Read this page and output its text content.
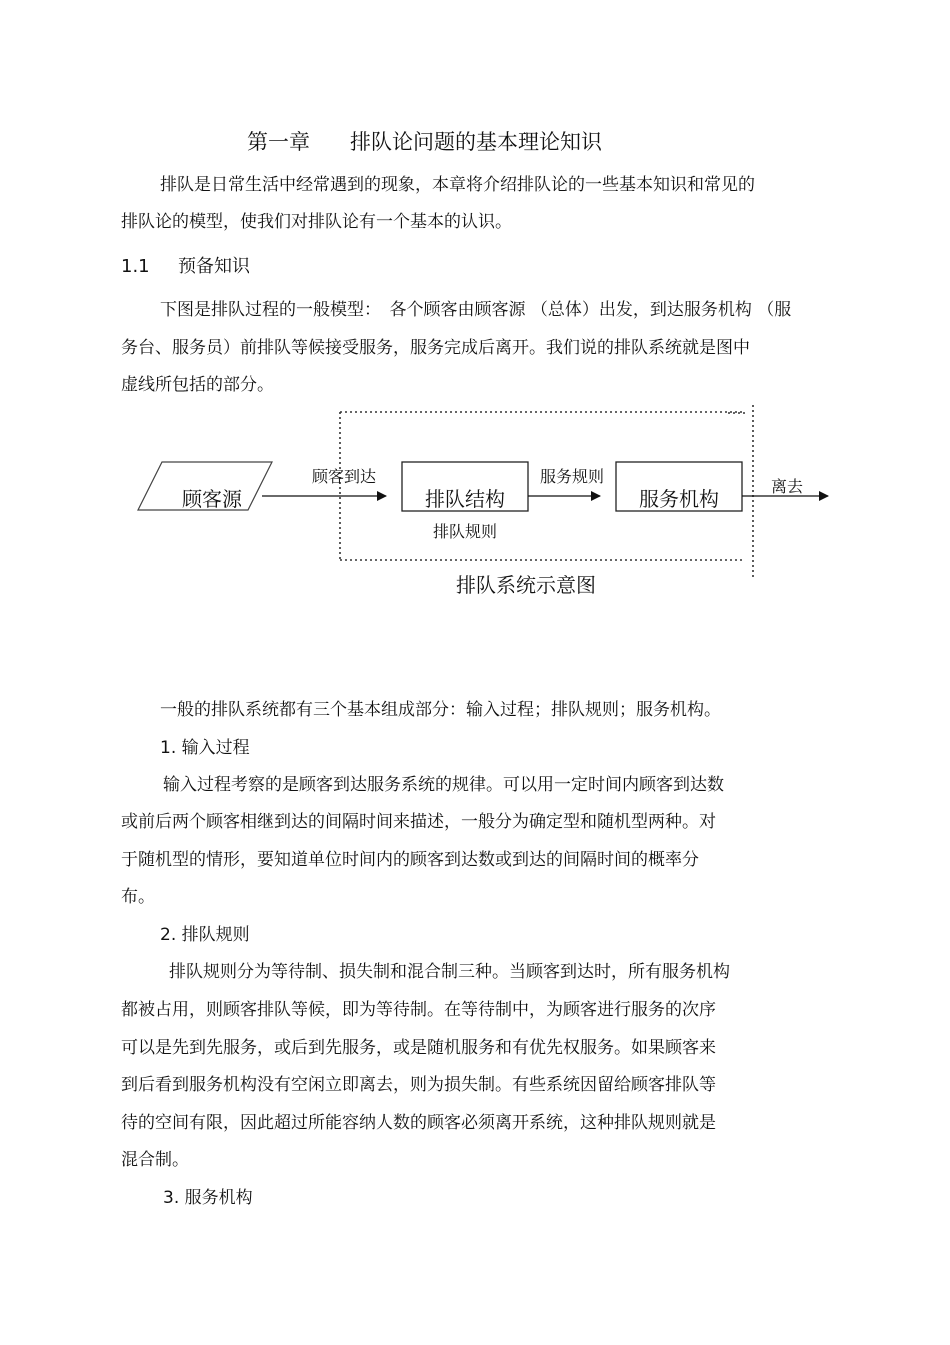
第一章 排队论问题的基本理论知识
排队是日常生活中经常遇到的现象，本章将介绍排队论的一些基本知识和常见的
排队论的模型，使我们对排队论有一个基本的认识。
1.1 预备知识
下图是排队过程的一般模型：　各个顾客由顾客源 （总体）出发，到达服务机构 （服
务台、服务员）前排队等候接受服务，服务完成后离开。我们说的排队系统就是图中
虚线所包括的部分。
顾客源
顾客到达
排队结构
排队规则
服务规则
服务机构
离去
排队系统示意图
一般的排队系统都有三个基本组成部分：输入过程；排队规则；服务机构。
1. 输入过程
输入过程考察的是顾客到达服务系统的规律。可以用一定时间内顾客到达数
或前后两个顾客相继到达的间隔时间来描述，一般分为确定型和随机型两种。对
于随机型的情形，要知道单位时间内的顾客到达数或到达的间隔时间的概率分
布。
2. 排队规则
排队规则分为等待制、损失制和混合制三种。当顾客到达时，所有服务机构
都被占用，则顾客排队等候，即为等待制。在等待制中，为顾客进行服务的次序
可以是先到先服务，或后到先服务，或是随机服务和有优先权服务。如果顾客来
到后看到服务机构没有空闲立即离去，则为损失制。有些系统因留给顾客排队等
待的空间有限，因此超过所能容纳人数的顾客必须离开系统，这种排队规则就是
混合制。
3. 服务机构
